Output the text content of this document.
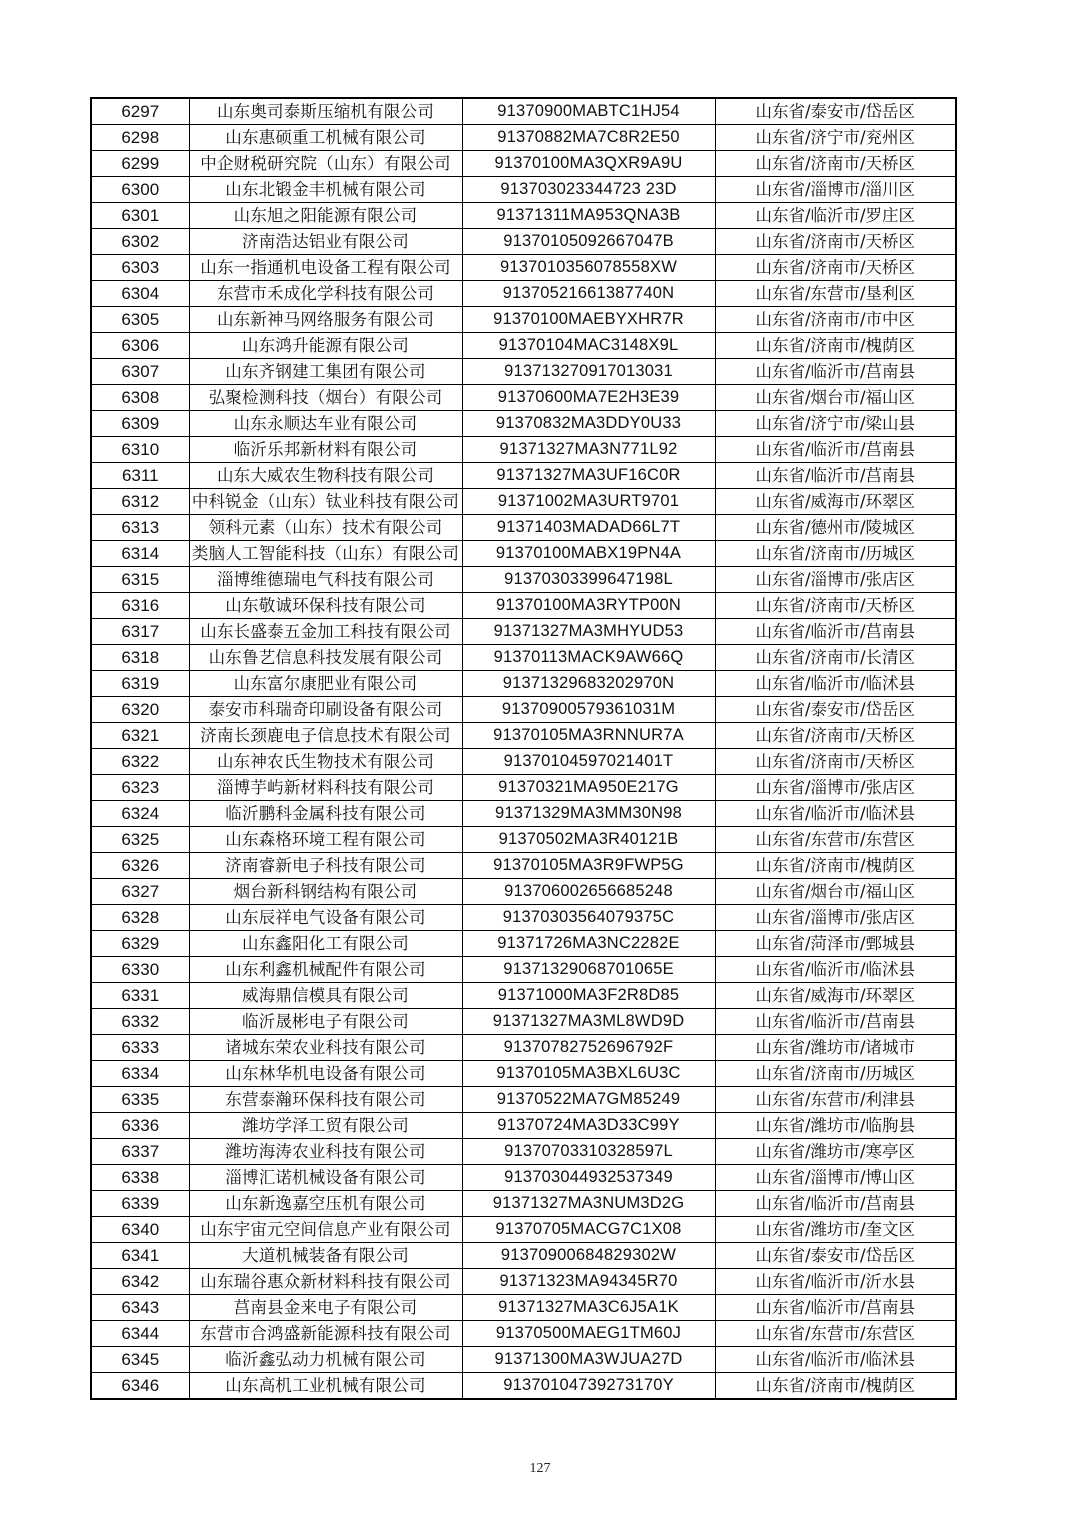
6297	山东奥司泰斯压缩机有限公司	91370900MABTC1HJ54	山东省/泰安市/岱岳区
6298	山东惠硕重工机械有限公司	91370882MA7C8R2E50	山东省/济宁市/兖州区
6299	中企财税研究院（山东）有限公司	91370100MA3QXR9A9U	山东省/济南市/天桥区
6300	山东北锻金丰机械有限公司	913703023344723 23D	山东省/淄博市/淄川区
6301	山东旭之阳能源有限公司	91371311MA953QNA3B	山东省/临沂市/罗庄区
6302	济南浩达铝业有限公司	91370105092667047B	山东省/济南市/天桥区
6303	山东一指通机电设备工程有限公司	9137010356078558XW	山东省/济南市/天桥区
6304	东营市禾成化学科技有限公司	91370521661387740N	山东省/东营市/垦利区
6305	山东新神马网络服务有限公司	91370100MAEBYXHR7R	山东省/济南市/市中区
6306	山东鸿升能源有限公司	91370104MAC3148X9L	山东省/济南市/槐荫区
6307	山东齐钢建工集团有限公司	913713270917013031	山东省/临沂市/莒南县
6308	弘聚检测科技（烟台）有限公司	91370600MA7E2H3E39	山东省/烟台市/福山区
6309	山东永顺达车业有限公司	91370832MA3DDY0U33	山东省/济宁市/梁山县
6310	临沂乐邦新材料有限公司	91371327MA3N771L92	山东省/临沂市/莒南县
6311	山东大威农生物科技有限公司	91371327MA3UF16C0R	山东省/临沂市/莒南县
6312	中科锐金（山东）钛业科技有限公司	91371002MA3URT9701	山东省/威海市/环翠区
6313	领科元素（山东）技术有限公司	91371403MADAD66L7T	山东省/德州市/陵城区
6314	类脑人工智能科技（山东）有限公司	91370100MABX19PN4A	山东省/济南市/历城区
6315	淄博维德瑞电气科技有限公司	91370303399647198L	山东省/淄博市/张店区
6316	山东敬诚环保科技有限公司	91370100MA3RYTP00N	山东省/济南市/天桥区
6317	山东长盛泰五金加工科技有限公司	91371327MA3MHYUD53	山东省/临沂市/莒南县
6318	山东鲁艺信息科技发展有限公司	91370113MACK9AW66Q	山东省/济南市/长清区
6319	山东富尔康肥业有限公司	91371329683202970N	山东省/临沂市/临沭县
6320	泰安市科瑞奇印刷设备有限公司	91370900579361031M	山东省/泰安市/岱岳区
6321	济南长颈鹿电子信息技术有限公司	91370105MA3RNNUR7A	山东省/济南市/天桥区
6322	山东神农氏生物技术有限公司	91370104597021401T	山东省/济南市/天桥区
6323	淄博芋屿新材料科技有限公司	91370321MA950E217G	山东省/淄博市/张店区
6324	临沂鹏科金属科技有限公司	91371329MA3MM30N98	山东省/临沂市/临沭县
6325	山东森格环境工程有限公司	91370502MA3R40121B	山东省/东营市/东营区
6326	济南睿新电子科技有限公司	91370105MA3R9FWP5G	山东省/济南市/槐荫区
6327	烟台新科钢结构有限公司	913706002656685248	山东省/烟台市/福山区
6328	山东辰祥电气设备有限公司	91370303564079375C	山东省/淄博市/张店区
6329	山东鑫阳化工有限公司	91371726MA3NC2282E	山东省/菏泽市/鄄城县
6330	山东利鑫机械配件有限公司	91371329068701065E	山东省/临沂市/临沭县
6331	威海鼎信模具有限公司	91371000MA3F2R8D85	山东省/威海市/环翠区
6332	临沂晟彬电子有限公司	91371327MA3ML8WD9D	山东省/临沂市/莒南县
6333	诸城东荣农业科技有限公司	91370782752696792F	山东省/潍坊市/诸城市
6334	山东林华机电设备有限公司	91370105MA3BXL6U3C	山东省/济南市/历城区
6335	东营泰瀚环保科技有限公司	91370522MA7GM85249	山东省/东营市/利津县
6336	潍坊学泽工贸有限公司	91370724MA3D33C99Y	山东省/潍坊市/临朐县
6337	潍坊海涛农业科技有限公司	91370703310328597L	山东省/潍坊市/寒亭区
6338	淄博汇诺机械设备有限公司	913703044932537349	山东省/淄博市/博山区
6339	山东新逸嘉空压机有限公司	91371327MA3NUM3D2G	山东省/临沂市/莒南县
6340	山东宇宙元空间信息产业有限公司	91370705MACG7C1X08	山东省/潍坊市/奎文区
6341	大道机械装备有限公司	91370900684829302W	山东省/泰安市/岱岳区
6342	山东瑞谷惠众新材料科技有限公司	91371323MA94345R70	山东省/临沂市/沂水县
6343	莒南县金来电子有限公司	91371327MA3C6J5A1K	山东省/临沂市/莒南县
6344	东营市合鸿盛新能源科技有限公司	91370500MAEG1TM60J	山东省/东营市/东营区
6345	临沂鑫弘动力机械有限公司	91371300MA3WJUA27D	山东省/临沂市/临沭县
6346	山东高机工业机械有限公司	91370104739273170Y	山东省/济南市/槐荫区
127
